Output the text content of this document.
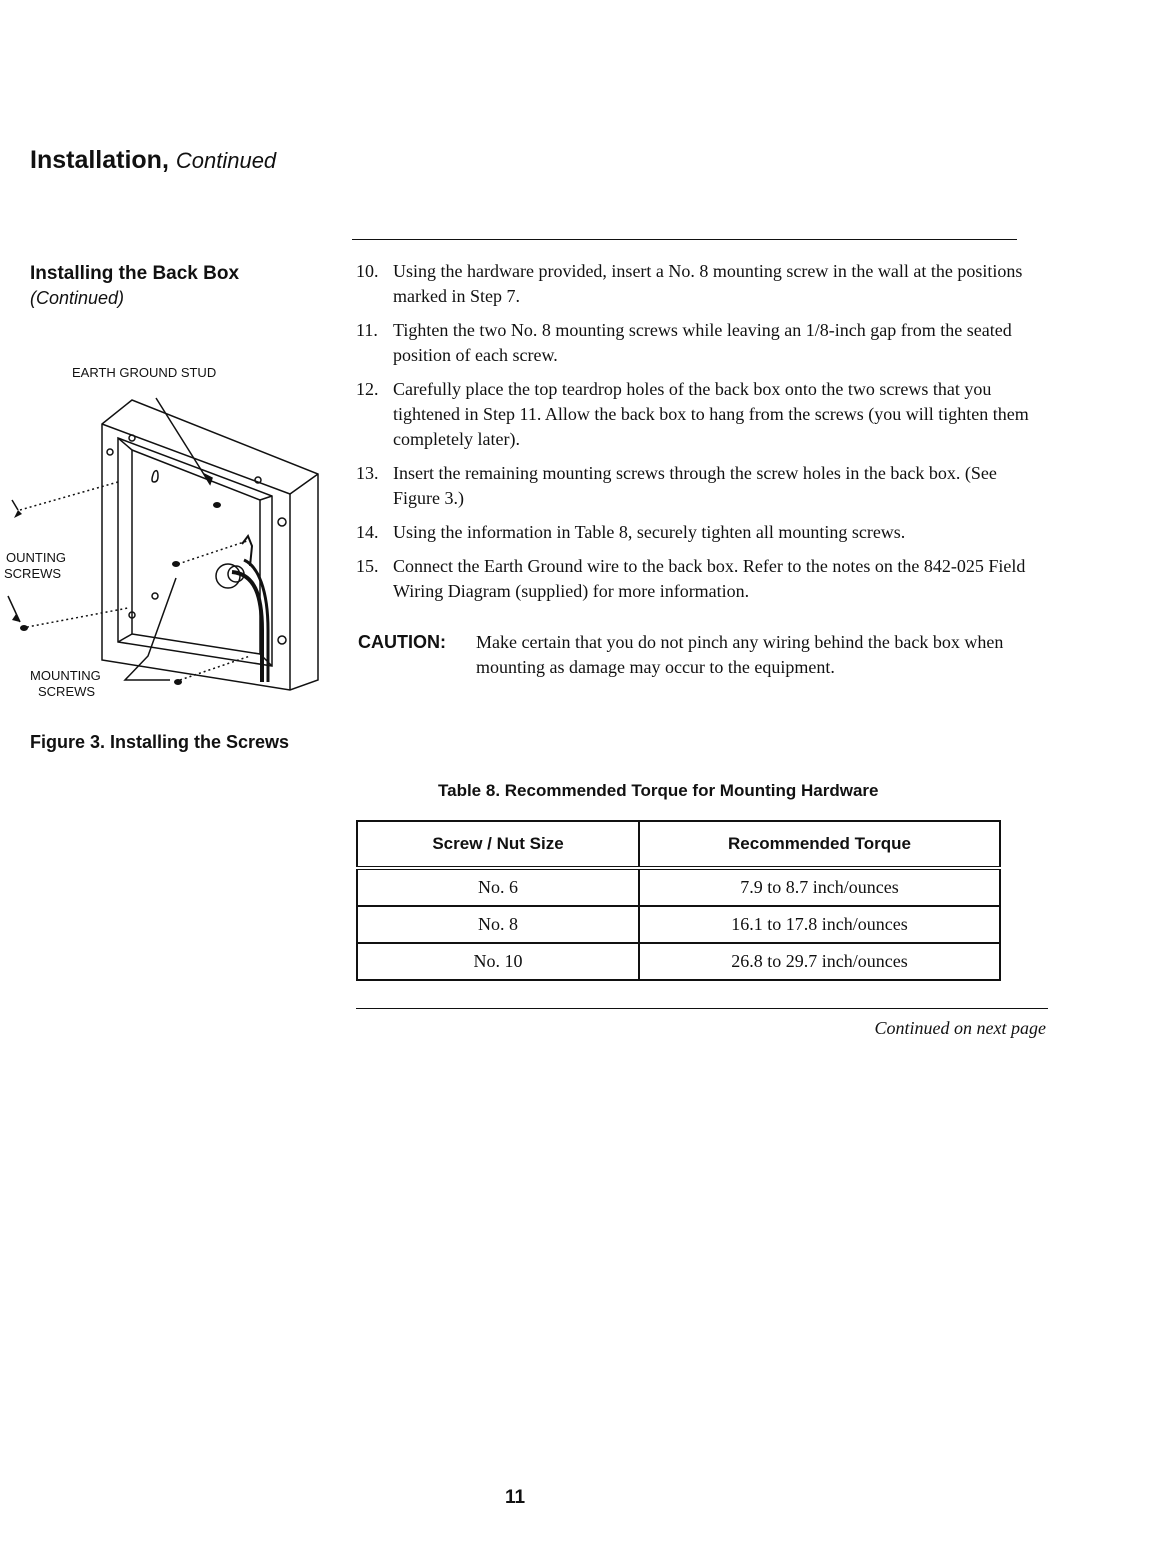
Installation, Continued
Installing the Back Box
(Continued)
10. Using the hardware provided, insert a No. 8 mounting screw in the wall at the positions marked in Step 7.
11. Tighten the two No. 8 mounting screws while leaving an 1/8-inch gap from the seated position of each screw.
12. Carefully place the top teardrop holes of the back box onto the two screws that you tightened in Step 11. Allow the back box to hang from the screws (you will tighten them completely later).
13. Insert the remaining mounting screws through the screw holes in the back box. (See Figure 3.)
14. Using the information in Table 8, securely tighten all mounting screws.
15. Connect the Earth Ground wire to the back box. Refer to the notes on the 842-025 Field Wiring Diagram (supplied) for more information.
CAUTION:	Make certain that you do not pinch any wiring behind the back box when mounting as damage may occur to the equipment.
EARTH GROUND STUD
OUNTING
SCREWS
MOUNTING
SCREWS
Figure 3. Installing the Screws
Table 8. Recommended Torque for Mounting Hardware
Screw / Nut Size	Recommended Torque
No. 6	7.9 to 8.7 inch/ounces
No. 8	16.1 to 17.8 inch/ounces
No. 10	26.8 to 29.7 inch/ounces
Continued on next page
11
